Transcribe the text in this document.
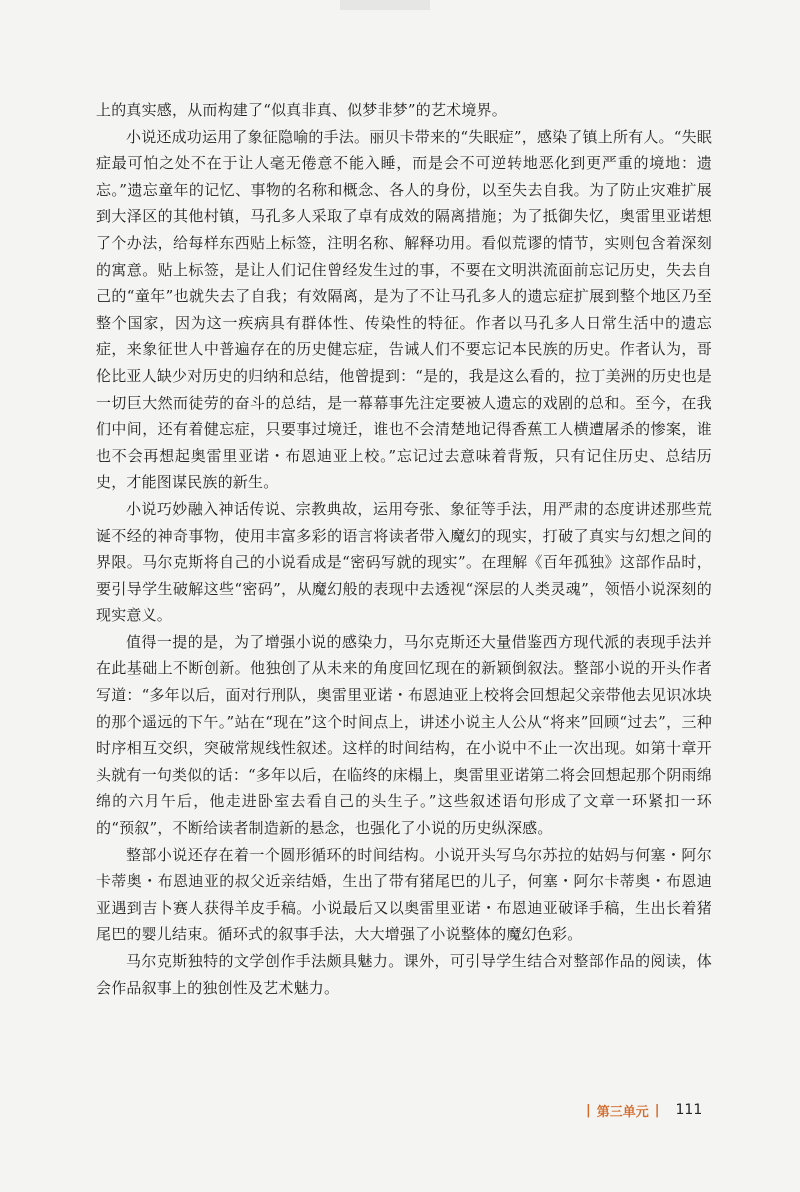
上的真实感，从而构建了“似真非真、似梦非梦”的艺术境界。

小说还成功运用了象征隐喻的手法。丽贝卡带来的“失眠症”，感染了镇上所有人。“失眠症最可怕之处不在于让人毫无倦意不能入睡，而是会不可逆转地恶化到更严重的境地：遗忘。”遗忘童年的记忆、事物的名称和概念、各人的身份，以至失去自我。为了防止灾难扩展到大泽区的其他村镇，马孔多人采取了卓有成效的隔离措施；为了抵御失忆，奥雷里亚诺想了个办法，给每样东西贴上标签，注明名称、解释功用。看似荒谬的情节，实则包含着深刻的寓意。贴上标签，是让人们记住曾经发生过的事，不要在文明洪流面前忘记历史，失去自己的“童年”也就失去了自我；有效隔离，是为了不让马孔多人的遗忘症扩展到整个地区乃至整个国家，因为这一疾病具有群体性、传染性的特征。作者以马孔多人日常生活中的遗忘症，来象征世人中普遍存在的历史健忘症，告诫人们不要忘记本民族的历史。作者认为，哥伦比亚人缺少对历史的归纳和总结，他曾提到：“是的，我是这么看的，拉丁美洲的历史也是一切巨大然而徒劳的奋斗的总结，是一幕幕事先注定要被人遗忘的戏剧的总和。至今，在我们中间，还有着健忘症，只要事过境迁，谁也不会清楚地记得香蕉工人横遭屠杀的惨案，谁也不会再想起奥雷里亚诺・布恩迪亚上校。”忘记过去意味着背叛，只有记住历史、总结历史，才能图谋民族的新生。

小说巧妙融入神话传说、宗教典故，运用夸张、象征等手法，用严肃的态度讲述那些荒诞不经的神奇事物，使用丰富多彩的语言将读者带入魔幻的现实，打破了真实与幻想之间的界限。马尔克斯将自己的小说看成是“密码写就的现实”。在理解《百年孤独》这部作品时，要引导学生破解这些“密码”，从魔幻般的表现中去透视“深层的人类灵魂”，领悟小说深刻的现实意义。

值得一提的是，为了增强小说的感染力，马尔克斯还大量借鉴西方现代派的表现手法并在此基础上不断创新。他独创了从未来的角度回忆现在的新颖倒叙法。整部小说的开头作者写道：“多年以后，面对行刑队，奥雷里亚诺・布恩迪亚上校将会回想起父亲带他去见识冰块的那个遥远的下午。”站在“现在”这个时间点上，讲述小说主人公从“将来”回顾“过去”，三种时序相互交织，突破常规线性叙述。这样的时间结构，在小说中不止一次出现。如第十章开头就有一句类似的话：“多年以后，在临终的床榻上，奥雷里亚诺第二将会回想起那个阴雨绵绵的六月午后，他走进卧室去看自己的头生子。”这些叙述语句形成了文章一环紧扣一环的“预叙”，不断给读者制造新的悬念，也强化了小说的历史纵深感。

整部小说还存在着一个圆形循环的时间结构。小说开头写乌尔苏拉的姑妈与何塞・阿尔卡蒂奥・布恩迪亚的叔父近亲结婚，生出了带有猪尾巴的儿子，何塞・阿尔卡蒂奥・布恩迪亚遇到吉卜赛人获得羊皮手稿。小说最后又以奥雷里亚诺・布恩迪亚破译手稿，生出长着猪尾巴的婴儿结束。循环式的叙事手法，大大增强了小说整体的魔幻色彩。

马尔克斯独特的文学创作手法颇具魅力。课外，可引导学生结合对整部作品的阅读，体会作品叙事上的独创性及艺术魅力。

| 第三单元 | 111
